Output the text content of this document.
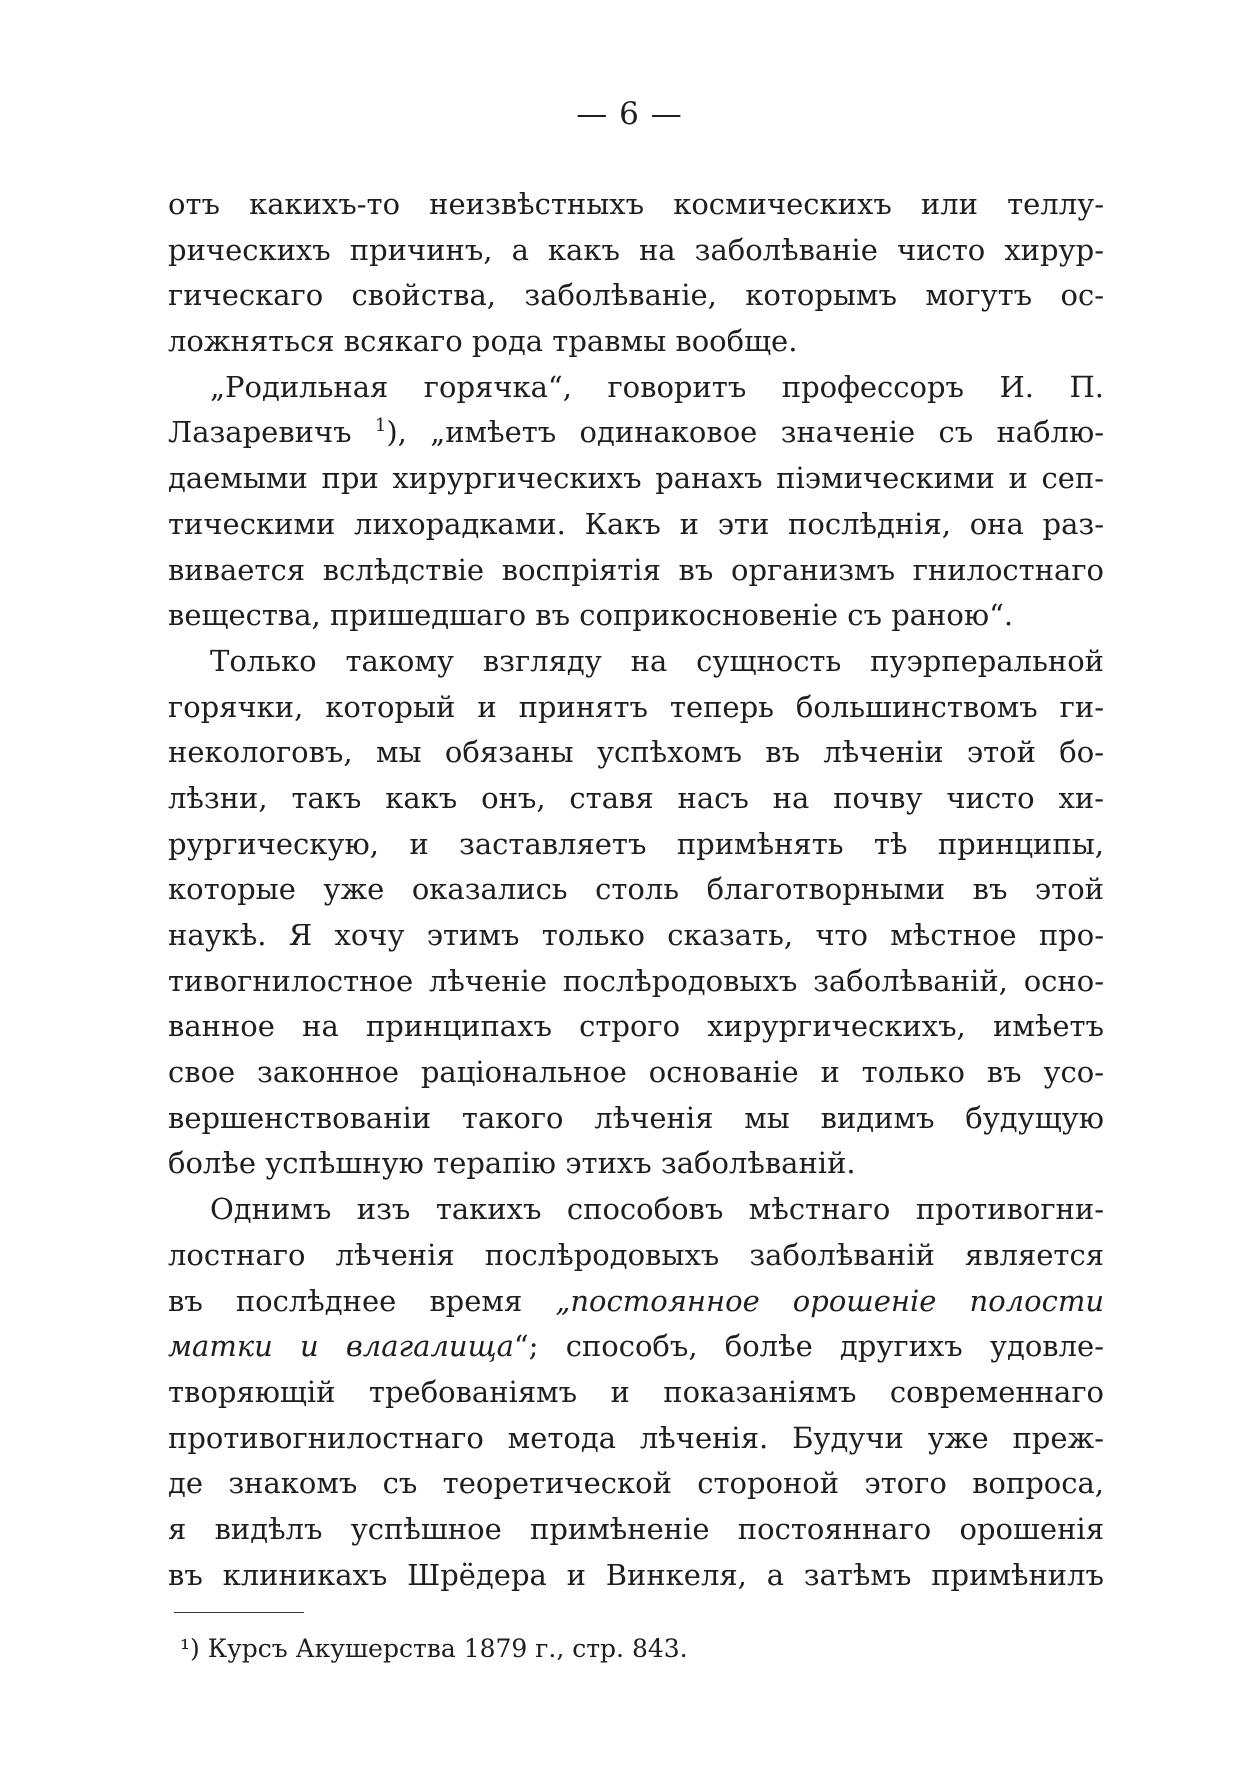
— 6 —
отъ какихъ-то неизвѣстныхъ космическихъ или теллу-
рическихъ причинъ, а какъ на заболѣваніе чисто хирур-
гическаго свойства, заболѣваніе, которымъ могутъ ос-
ложняться всякаго рода травмы вообще.
„Родильная горячка“, говоритъ профессоръ И. П.
Лазаревичъ $^1$), „имѣетъ одинаковое значеніе съ наблю-
даемыми при хирургическихъ ранахъ піэмическими и сеп-
тическими лихорадками. Какъ и эти послѣднія, она раз-
вивается вслѣдствіе воспріятія въ организмъ гнилостнаго
вещества, пришедшаго въ соприкосновеніе съ раною“.
Только такому взгляду на сущность пуэрперальной
горячки, который и принятъ теперь большинствомъ ги-
некологовъ, мы обязаны успѣхомъ въ лѣченіи этой бо-
лѣзни, такъ какъ онъ, ставя насъ на почву чисто хи-
рургическую, и заставляетъ примѣнять тѣ принципы,
которые уже оказались столь благотворными въ этой
наукѣ. Я хочу этимъ только сказать, что мѣстное про-
тивогнилостное лѣченіе послѣродовыхъ заболѣваній, осно-
ванное на принципахъ строго хирургическихъ, имѣетъ
свое законное раціональное основаніе и только въ усо-
вершенствованіи такого лѣченія мы видимъ будущую
болѣе успѣшную терапію этихъ заболѣваній.
Однимъ изъ такихъ способовъ мѣстнаго противогни-
лостнаго лѣченія послѣродовыхъ заболѣваній является
въ послѣднее время „постоянное орошеніе полости
матки и влагалища“; способъ, болѣе другихъ удовле-
творяющій требованіямъ и показаніямъ современнаго
противогнилостнаго метода лѣченія. Будучи уже преж-
де знакомъ съ теоретической стороной этого вопроса,
я видѣлъ успѣшное примѣненіе постояннаго орошенія
въ клиникахъ Шрёдера и Винкеля, а затѣмъ примѣнилъ
¹) Курсъ Акушерства 1879 г., стр. 843.
